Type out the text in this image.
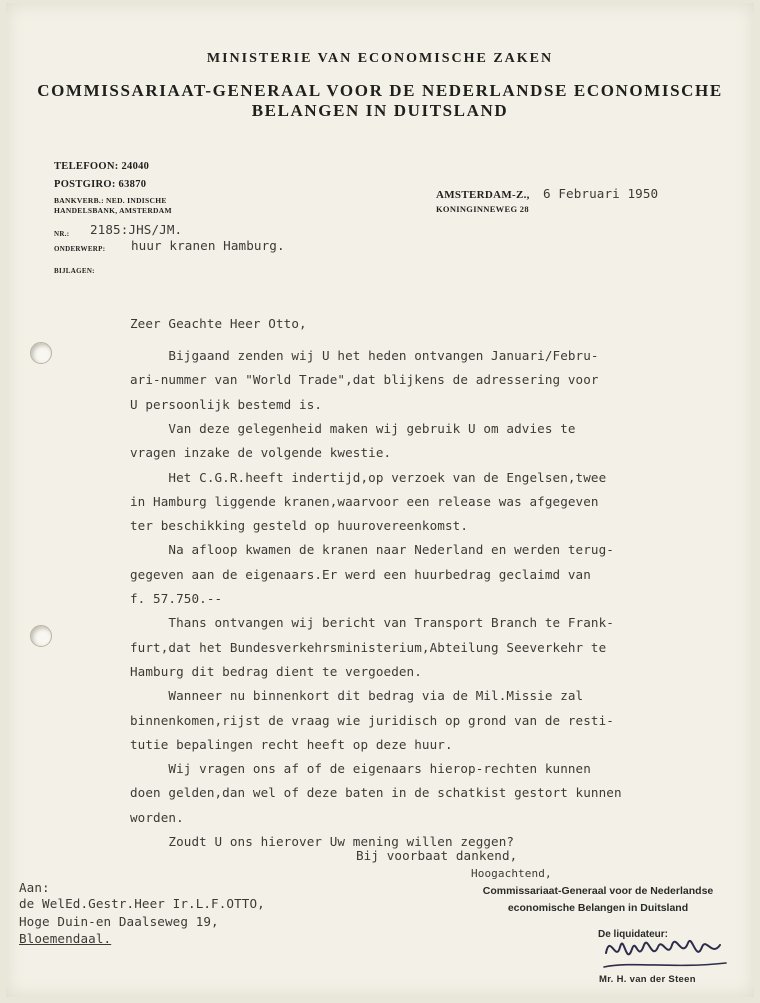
MINISTERIE VAN ECONOMISCHE ZAKEN
COMMISSARIAAT-GENERAAL VOOR DE NEDERLANDSE ECONOMISCHE
BELANGEN IN DUITSLAND
TELEFOON: 24040
POSTGIRO: 63870
BANKVERB.: NED. INDISCHE
HANDELSBANK, AMSTERDAM
NR.: 2185:JHS/JM.
ONDERWERP: huur kranen Hamburg.
BIJLAGEN:
AMSTERDAM-Z., 6 Februari 1950
KONINGINNEWEG 28
Zeer Geachte Heer Otto,
Bijgaand zenden wij U het heden ontvangen Januari/Febru-
ari-nummer van "World Trade",dat blijkens de adressering voor
U persoonlijk bestemd is.
Van deze gelegenheid maken wij gebruik U om advies te
vragen inzake de volgende kwestie.
Het C.G.R.heeft indertijd,op verzoek van de Engelsen,twee
in Hamburg liggende kranen,waarvoor een release was afgegeven
ter beschikking gesteld op huurovereenkomst.
Na afloop kwamen de kranen naar Nederland en werden terug-
gegeven aan de eigenaars.Er werd een huurbedrag geclaimd van
f. 57.750.--
Thans ontvangen wij bericht van Transport Branch te Frank-
furt,dat het Bundesverkehrsministerium,Abteilung Seeverkehr te
Hamburg dit bedrag dient te vergoeden.
Wanneer nu binnenkort dit bedrag via de Mil.Missie zal
binnenkomen,rijst de vraag wie juridisch op grond van de resti-
tutie bepalingen recht heeft op deze huur.
Wij vragen ons af of de eigenaars hierop-rechten kunnen
doen gelden,dan wel of deze baten in de schatkist gestort kunnen
worden.
Zoudt U ons hierover Uw mening willen zeggen?
Bij voorbaat dankend,
Hoogachtend,
Aan:
de WelEd.Gestr.Heer Ir.L.F.OTTO,
Hoge Duin-en Daalseweg 19,
Bloemendaal.
Commissariaat-Generaal voor de Nederlandse
economische Belangen in Duitsland
De liquidateur:
Mr. H. van der Steen
